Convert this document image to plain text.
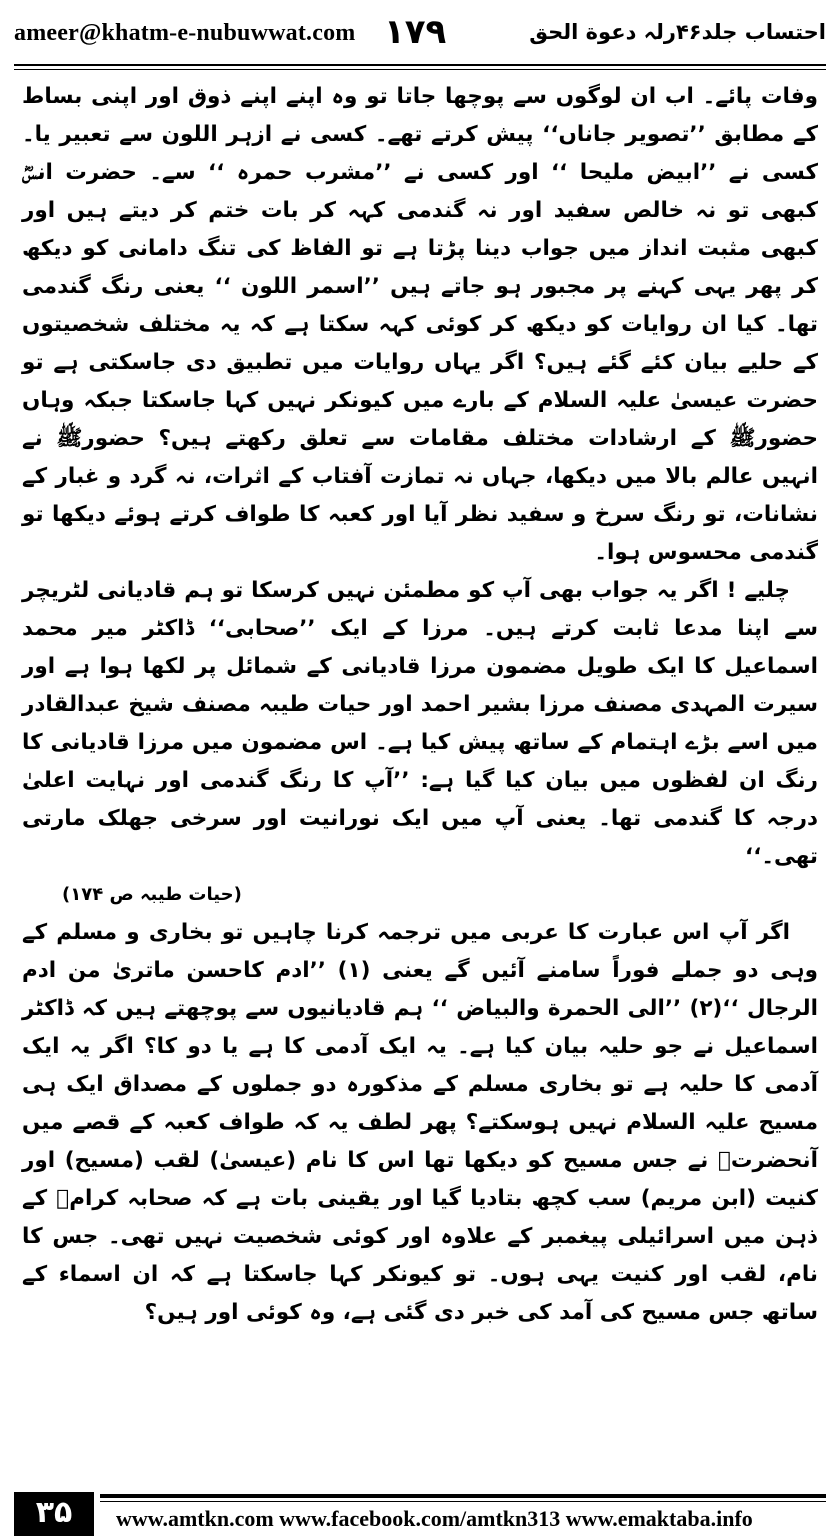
ameer@khatm-e-nubuwwat.com ۱۷۹	احتساب جلد۴۶رلہ دعوة الحق

وفات پائے۔ اب ان لوگوں سے پوچھا جاتا تو وہ اپنے اپنے ذوق اور اپنی بساط کے مطابق ’’تصویر جاناں‘‘ پیش کرتے تھے۔ کسی نے ازہر اللون سے تعبیر یا۔ کسی نے ’’ابیض ملیحا ‘‘ اور کسی نے ’’مشرب حمرہ ‘‘ سے۔ حضرت انسؓ کبھی تو نہ خالص سفید اور نہ گندمی کہہ کر بات ختم کر دیتے ہیں اور کبھی مثبت انداز میں جواب دینا پڑتا ہے تو الفاظ کی تنگ دامانی کو دیکھ کر پھر یہی کہنے پر مجبور ہو جاتے ہیں ’’اسمر اللون ‘‘ یعنی رنگ گندمی تھا۔ کیا ان روایات کو دیکھ کر کوئی کہہ سکتا ہے کہ یہ مختلف شخصیتوں کے حلیے بیان کئے گئے ہیں؟ اگر یہاں روایات میں تطبیق دی جاسکتی ہے تو حضرت عیسیٰ علیہ السلام کے بارے میں کیونکر نہیں کہا جاسکتا جبکہ وہاں حضورﷺ کے ارشادات مختلف مقامات سے تعلق رکھتے ہیں؟ حضورﷺ نے انہیں عالم بالا میں دیکھا، جہاں نہ تمازت آفتاب کے اثرات، نہ گرد و غبار کے نشانات، تو رنگ سرخ و سفید نظر آیا اور کعبہ کا طواف کرتے ہوئے دیکھا تو گندمی محسوس ہوا۔

چلیے ! اگر یہ جواب بھی آپ کو مطمئن نہیں کرسکا تو ہم قادیانی لٹریچر سے اپنا مدعا ثابت کرتے ہیں۔ مرزا کے ایک ’’صحابی‘‘ ڈاکٹر میر محمد اسماعیل کا ایک طویل مضمون مرزا قادیانی کے شمائل پر لکھا ہوا ہے اور سیرت المہدی مصنف مرزا بشیر احمد اور حیات طیبہ مصنف شیخ عبدالقادر میں اسے بڑے اہتمام کے ساتھ پیش کیا ہے۔ اس مضمون میں مرزا قادیانی کا رنگ ان لفظوں میں بیان کیا گیا ہے: ’’آپ کا رنگ گندمی اور نہایت اعلیٰ درجہ کا گندمی تھا۔ یعنی آپ میں ایک نورانیت اور سرخی جھلک مارتی تھی۔‘‘

(حیات طیبہ ص ۱۷۴)

اگر آپ اس عبارت کا عربی میں ترجمہ کرنا چاہیں تو بخاری و مسلم کے وہی دو جملے فوراً سامنے آئیں گے یعنی (۱) ’’ادم کاحسن ماتریٰ من ادم الرجال ‘‘(۲) ’’الی الحمرة والبیاض ‘‘ ہم قادیانیوں سے پوچھتے ہیں کہ ڈاکٹر اسماعیل نے جو حلیہ بیان کیا ہے۔ یہ ایک آدمی کا ہے یا دو کا؟ اگر یہ ایک آدمی کا حلیہ ہے تو بخاری مسلم کے مذکورہ دو جملوں کے مصداق ایک ہی مسیح علیہ السلام نہیں ہوسکتے؟ پھر لطف یہ کہ طواف کعبہ کے قصے میں آنحضرتﷺ نے جس مسیح کو دیکھا تھا اس کا نام (عیسیٰ) لقب (مسیح) اور کنیت (ابن مریم) سب کچھ بتادیا گیا اور یقینی بات ہے کہ صحابہ کرامؓ کے ذہن میں اسرائیلی پیغمبر کے علاوہ اور کوئی شخصیت نہیں تھی۔ جس کا نام، لقب اور کنیت یہی ہوں۔ تو کیونکر کہا جاسکتا ہے کہ ان اسماء کے ساتھ جس مسیح کی آمد کی خبر دی گئی ہے، وہ کوئی اور ہیں؟

۳۵	www.amtkn.com www.facebook.com/amtkn313 www.emaktaba.info
